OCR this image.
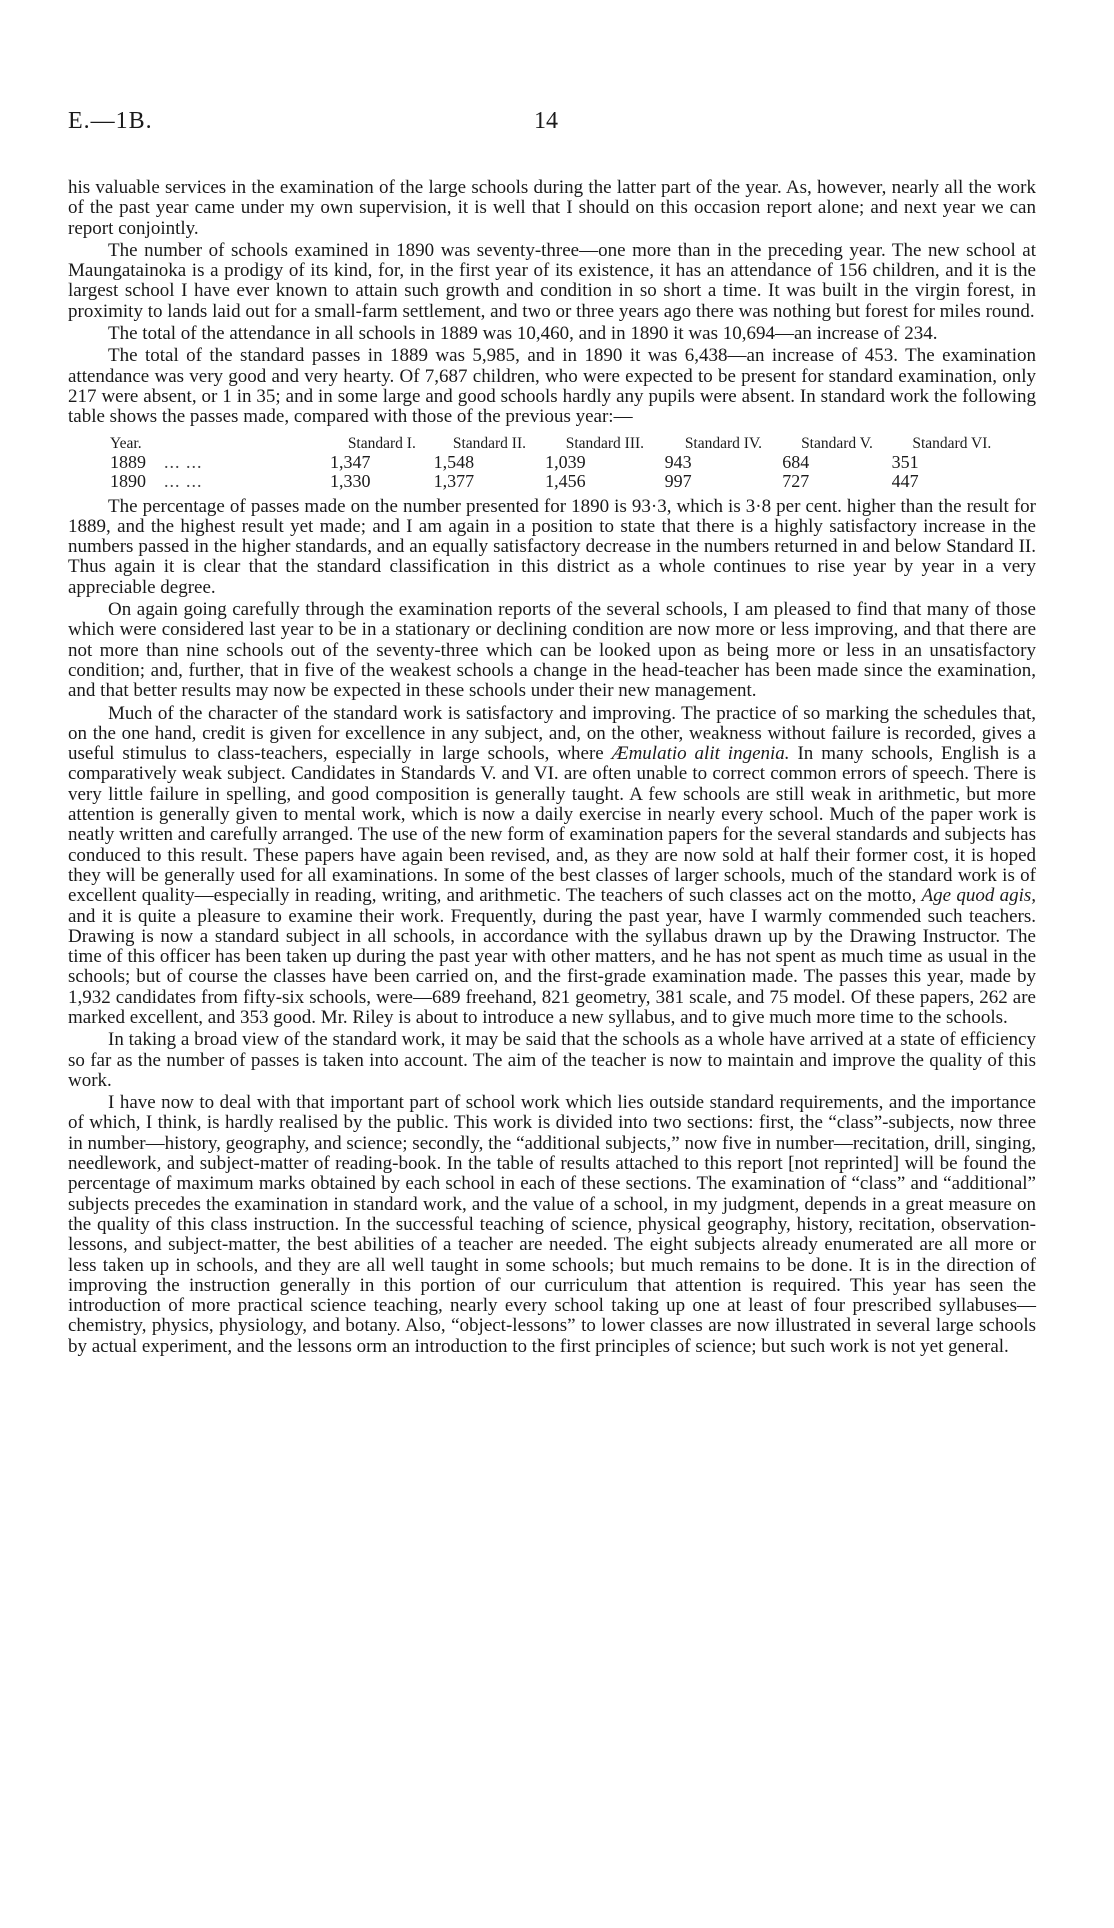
E.—1B.	14

his valuable services in the examination of the large schools during the latter part of the year. As, however, nearly all the work of the past year came under my own supervision, it is well that I should on this occasion report alone; and next year we can report conjointly.

The number of schools examined in 1890 was seventy-three—one more than in the preceding year. The new school at Maungatainoka is a prodigy of its kind, for, in the first year of its existence, it has an attendance of 156 children, and it is the largest school I have ever known to attain such growth and condition in so short a time. It was built in the virgin forest, in proximity to lands laid out for a small-farm settlement, and two or three years ago there was nothing but forest for miles round.

The total of the attendance in all schools in 1889 was 10,460, and in 1890 it was 10,694—an increase of 234.

The total of the standard passes in 1889 was 5,985, and in 1890 it was 6,438—an increase of 453. The examination attendance was very good and very hearty. Of 7,687 children, who were expected to be present for standard examination, only 217 were absent, or 1 in 35; and in some large and good schools hardly any pupils were absent. In standard work the following table shows the passes made, compared with those of the previous year:—

Year.	Standard I.	Standard II.	Standard III.	Standard IV.	Standard V.	Standard VI.
1889 ... ...	1,347	1,548	1,039	943	684	351
1890 ... ...	1,330	1,377	1,456	997	727	447

The percentage of passes made on the number presented for 1890 is 93·3, which is 3·8 per cent. higher than the result for 1889, and the highest result yet made; and I am again in a position to state that there is a highly satisfactory increase in the numbers passed in the higher standards, and an equally satisfactory decrease in the numbers returned in and below Standard II. Thus again it is clear that the standard classification in this district as a whole continues to rise year by year in a very appreciable degree.

On again going carefully through the examination reports of the several schools, I am pleased to find that many of those which were considered last year to be in a stationary or declining condition are now more or less improving, and that there are not more than nine schools out of the seventy-three which can be looked upon as being more or less in an unsatisfactory condition; and, further, that in five of the weakest schools a change in the head-teacher has been made since the examination, and that better results may now be expected in these schools under their new management.

Much of the character of the standard work is satisfactory and improving. The practice of so marking the schedules that, on the one hand, credit is given for excellence in any subject, and, on the other, weakness without failure is recorded, gives a useful stimulus to class-teachers, especially in large schools, where Æmulatio alit ingenia. In many schools, English is a comparatively weak subject. Candidates in Standards V. and VI. are often unable to correct common errors of speech. There is very little failure in spelling, and good composition is generally taught. A few schools are still weak in arithmetic, but more attention is generally given to mental work, which is now a daily exercise in nearly every school. Much of the paper work is neatly written and carefully arranged. The use of the new form of examination papers for the several standards and subjects has conduced to this result. These papers have again been revised, and, as they are now sold at half their former cost, it is hoped they will be generally used for all examinations. In some of the best classes of larger schools, much of the standard work is of excellent quality—especially in reading, writing, and arithmetic. The teachers of such classes act on the motto, Age quod agis, and it is quite a pleasure to examine their work. Frequently, during the past year, have I warmly commended such teachers. Drawing is now a standard subject in all schools, in accordance with the syllabus drawn up by the Drawing Instructor. The time of this officer has been taken up during the past year with other matters, and he has not spent as much time as usual in the schools; but of course the classes have been carried on, and the first-grade examination made. The passes this year, made by 1,932 candidates from fifty-six schools, were—689 freehand, 821 geometry, 381 scale, and 75 model. Of these papers, 262 are marked excellent, and 353 good. Mr. Riley is about to introduce a new syllabus, and to give much more time to the schools.

In taking a broad view of the standard work, it may be said that the schools as a whole have arrived at a state of efficiency so far as the number of passes is taken into account. The aim of the teacher is now to maintain and improve the quality of this work.

I have now to deal with that important part of school work which lies outside standard requirements, and the importance of which, I think, is hardly realised by the public. This work is divided into two sections: first, the “class”-subjects, now three in number—history, geography, and science; secondly, the “additional subjects,” now five in number—recitation, drill, singing, needlework, and subject-matter of reading-book. In the table of results attached to this report [not reprinted] will be found the percentage of maximum marks obtained by each school in each of these sections. The examination of “class” and “additional” subjects precedes the examination in standard work, and the value of a school, in my judgment, depends in a great measure on the quality of this class instruction. In the successful teaching of science, physical geography, history, recitation, observation-lessons, and subject-matter, the best abilities of a teacher are needed. The eight subjects already enumerated are all more or less taken up in schools, and they are all well taught in some schools; but much remains to be done. It is in the direction of improving the instruction generally in this portion of our curriculum that attention is required. This year has seen the introduction of more practical science teaching, nearly every school taking up one at least of four prescribed syllabuses—chemistry, physics, physiology, and botany. Also, “object-lessons” to lower classes are now illustrated in several large schools by actual experiment, and the lessons orm an introduction to the first principles of science; but such work is not yet general.
